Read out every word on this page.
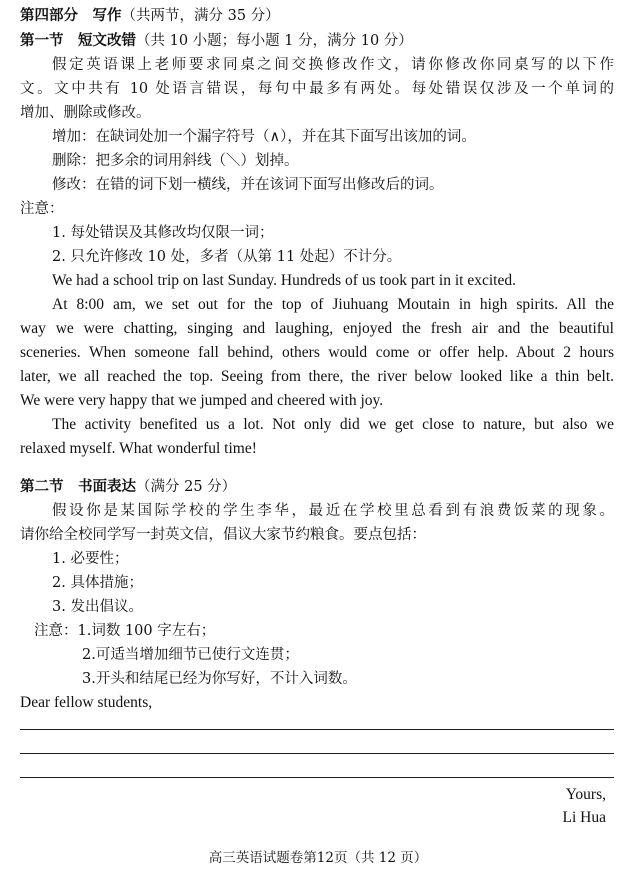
第四部分　写作（共两节，满分 35 分）
第一节　短文改错（共 10 小题；每小题 1 分，满分 10 分）
假定英语课上老师要求同桌之间交换修改作文，请你修改你同桌写的以下作
文。文中共有 10 处语言错误，每句中最多有两处。每处错误仅涉及一个单词的
增加、删除或修改。
增加：在缺词处加一个漏字符号（∧），并在其下面写出该加的词。
删除：把多余的词用斜线（＼）划掉。
修改：在错的词下划一横线，并在该词下面写出修改后的词。
注意：
1. 每处错误及其修改均仅限一词；
2. 只允许修改 10 处，多者（从第 11 处起）不计分。
We had a school trip on last Sunday. Hundreds of us took part in it excited.
At 8:00 am, we set out for the top of Jiuhuang Moutain in high spirits. All the
way we were chatting, singing and laughing, enjoyed the fresh air and the beautiful
sceneries. When someone fall behind, others would come or offer help. About 2 hours
later, we all reached the top. Seeing from there, the river below looked like a thin belt.
We were very happy that we jumped and cheered with joy.
The activity benefited us a lot. Not only did we get close to nature, but also we
relaxed myself. What wonderful time!
第二节　书面表达（满分 25 分）
假设你是某国际学校的学生李华，最近在学校里总看到有浪费饭菜的现象。
请你给全校同学写一封英文信，倡议大家节约粮食。要点包括：
1. 必要性；
2. 具体措施；
3. 发出倡议。
注意：1.词数 100 字左右；
2.可适当增加细节已使行文连贯；
3.开头和结尾已经为你写好，不计入词数。
Dear fellow students,
Yours,
Li Hua
高三英语试题卷第12页（共 12 页）
